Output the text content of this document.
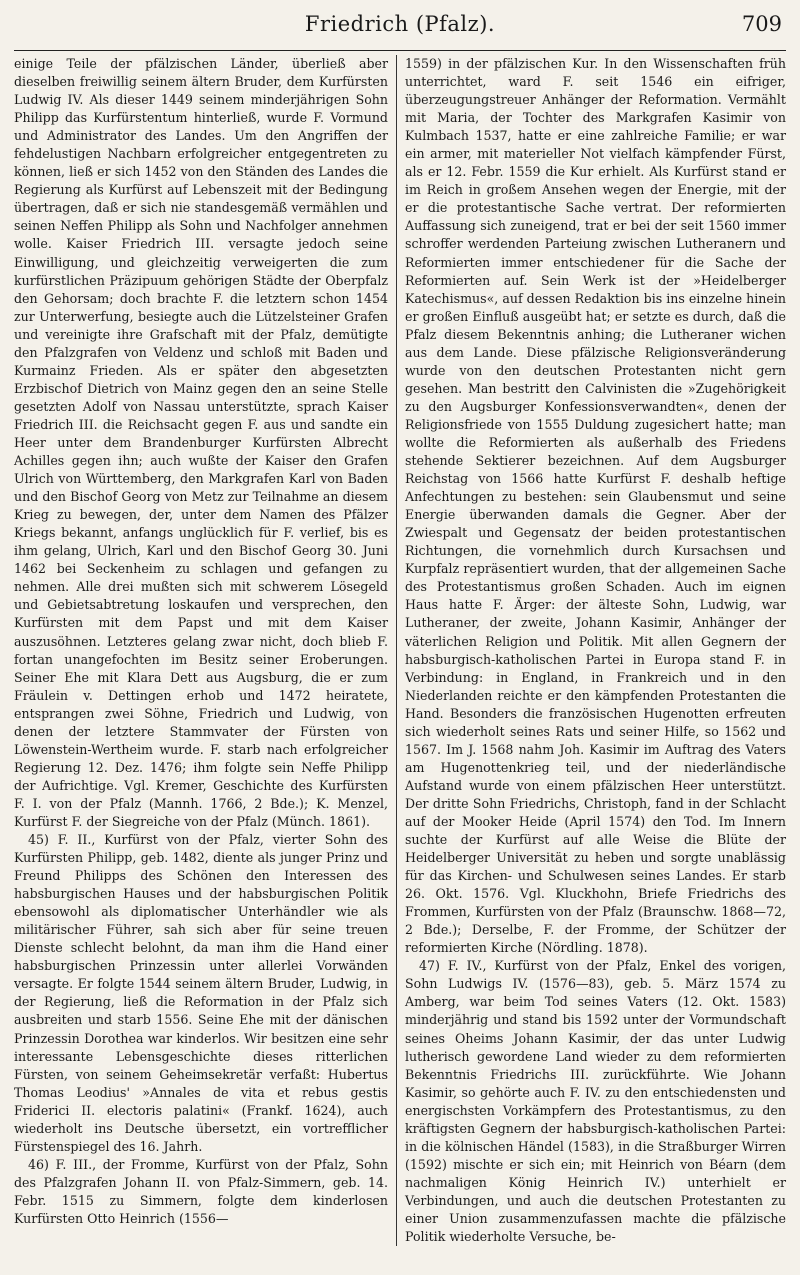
Friedrich (Pfalz).	709

einige Teile der pfälzischen Länder, überließ aber dieselben freiwillig seinem ältern Bruder, dem Kurfürsten Ludwig IV. Als dieser 1449 seinem minderjährigen Sohn Philipp das Kurfürstentum hinterließ, wurde F. Vormund und Administrator des Landes. Um den Angriffen der fehdelustigen Nachbarn erfolgreicher entgegentreten zu können, ließ er sich 1452 von den Ständen des Landes die Regierung als Kurfürst auf Lebenszeit mit der Bedingung übertragen, daß er sich nie standesgemäß vermählen und seinen Neffen Philipp als Sohn und Nachfolger annehmen wolle. Kaiser Friedrich III. versagte jedoch seine Einwilligung, und gleichzeitig verweigerten die zum kurfürstlichen Präzipuum gehörigen Städte der Oberpfalz den Gehorsam; doch brachte F. die letztern schon 1454 zur Unterwerfung, besiegte auch die Lützelsteiner Grafen und vereinigte ihre Grafschaft mit der Pfalz, demütigte den Pfalzgrafen von Veldenz und schloß mit Baden und Kurmainz Frieden. Als er später den abgesetzten Erzbischof Dietrich von Mainz gegen den an seine Stelle gesetzten Adolf von Nassau unterstützte, sprach Kaiser Friedrich III. die Reichsacht gegen F. aus und sandte ein Heer unter dem Brandenburger Kurfürsten Albrecht Achilles gegen ihn; auch wußte der Kaiser den Grafen Ulrich von Württemberg, den Markgrafen Karl von Baden und den Bischof Georg von Metz zur Teilnahme an diesem Krieg zu bewegen, der, unter dem Namen des Pfälzer Kriegs bekannt, anfangs unglücklich für F. verlief, bis es ihm gelang, Ulrich, Karl und den Bischof Georg 30. Juni 1462 bei Seckenheim zu schlagen und gefangen zu nehmen. Alle drei mußten sich mit schwerem Lösegeld und Gebietsabtretung loskaufen und versprechen, den Kurfürsten mit dem Papst und mit dem Kaiser auszusöhnen. Letzteres gelang zwar nicht, doch blieb F. fortan unangefochten im Besitz seiner Eroberungen. Seiner Ehe mit Klara Dett aus Augsburg, die er zum Fräulein v. Dettingen erhob und 1472 heiratete, entsprangen zwei Söhne, Friedrich und Ludwig, von denen der letztere Stammvater der Fürsten von Löwenstein-Wertheim wurde. F. starb nach erfolgreicher Regierung 12. Dez. 1476; ihm folgte sein Neffe Philipp der Aufrichtige. Vgl. Kremer, Geschichte des Kurfürsten F. I. von der Pfalz (Mannh. 1766, 2 Bde.); K. Menzel, Kurfürst F. der Siegreiche von der Pfalz (Münch. 1861).

45) F. II., Kurfürst von der Pfalz, vierter Sohn des Kurfürsten Philipp, geb. 1482, diente als junger Prinz und Freund Philipps des Schönen den Interessen des habsburgischen Hauses und der habsburgischen Politik ebensowohl als diplomatischer Unterhändler wie als militärischer Führer, sah sich aber für seine treuen Dienste schlecht belohnt, da man ihm die Hand einer habsburgischen Prinzessin unter allerlei Vorwänden versagte. Er folgte 1544 seinem ältern Bruder, Ludwig, in der Regierung, ließ die Reformation in der Pfalz sich ausbreiten und starb 1556. Seine Ehe mit der dänischen Prinzessin Dorothea war kinderlos. Wir besitzen eine sehr interessante Lebensgeschichte dieses ritterlichen Fürsten, von seinem Geheimsekretär verfaßt: Hubertus Thomas Leodius' »Annales de vita et rebus gestis Friderici II. electoris palatini« (Frankf. 1624), auch wiederholt ins Deutsche übersetzt, ein vortrefflicher Fürstenspiegel des 16. Jahrh.

46) F. III., der Fromme, Kurfürst von der Pfalz, Sohn des Pfalzgrafen Johann II. von Pfalz-Simmern, geb. 14. Febr. 1515 zu Simmern, folgte dem kinderlosen Kurfürsten Otto Heinrich (1556—

1559) in der pfälzischen Kur. In den Wissenschaften früh unterrichtet, ward F. seit 1546 ein eifriger, überzeugungstreuer Anhänger der Reformation. Vermählt mit Maria, der Tochter des Markgrafen Kasimir von Kulmbach 1537, hatte er eine zahlreiche Familie; er war ein armer, mit materieller Not vielfach kämpfender Fürst, als er 12. Febr. 1559 die Kur erhielt. Als Kurfürst stand er im Reich in großem Ansehen wegen der Energie, mit der er die protestantische Sache vertrat. Der reformierten Auffassung sich zuneigend, trat er bei der seit 1560 immer schroffer werdenden Parteiung zwischen Lutheranern und Reformierten immer entschiedener für die Sache der Reformierten auf. Sein Werk ist der »Heidelberger Katechismus«, auf dessen Redaktion bis ins einzelne hinein er großen Einfluß ausgeübt hat; er setzte es durch, daß die Pfalz diesem Bekenntnis anhing; die Lutheraner wichen aus dem Lande. Diese pfälzische Religionsveränderung wurde von den deutschen Protestanten nicht gern gesehen. Man bestritt den Calvinisten die »Zugehörigkeit zu den Augsburger Konfessionsverwandten«, denen der Religionsfriede von 1555 Duldung zugesichert hatte; man wollte die Reformierten als außerhalb des Friedens stehende Sektierer bezeichnen. Auf dem Augsburger Reichstag von 1566 hatte Kurfürst F. deshalb heftige Anfechtungen zu bestehen: sein Glaubensmut und seine Energie überwanden damals die Gegner. Aber der Zwiespalt und Gegensatz der beiden protestantischen Richtungen, die vornehmlich durch Kursachsen und Kurpfalz repräsentiert wurden, that der allgemeinen Sache des Protestantismus großen Schaden. Auch im eignen Haus hatte F. Ärger: der älteste Sohn, Ludwig, war Lutheraner, der zweite, Johann Kasimir, Anhänger der väterlichen Religion und Politik. Mit allen Gegnern der habsburgisch-katholischen Partei in Europa stand F. in Verbindung: in England, in Frankreich und in den Niederlanden reichte er den kämpfenden Protestanten die Hand. Besonders die französischen Hugenotten erfreuten sich wiederholt seines Rats und seiner Hilfe, so 1562 und 1567. Im J. 1568 nahm Joh. Kasimir im Auftrag des Vaters am Hugenottenkrieg teil, und der niederländische Aufstand wurde von einem pfälzischen Heer unterstützt. Der dritte Sohn Friedrichs, Christoph, fand in der Schlacht auf der Mooker Heide (April 1574) den Tod. Im Innern suchte der Kurfürst auf alle Weise die Blüte der Heidelberger Universität zu heben und sorgte unablässig für das Kirchen- und Schulwesen seines Landes. Er starb 26. Okt. 1576. Vgl. Kluckhohn, Briefe Friedrichs des Frommen, Kurfürsten von der Pfalz (Braunschw. 1868—72, 2 Bde.); Derselbe, F. der Fromme, der Schützer der reformierten Kirche (Nördling. 1878).

47) F. IV., Kurfürst von der Pfalz, Enkel des vorigen, Sohn Ludwigs IV. (1576—83), geb. 5. März 1574 zu Amberg, war beim Tod seines Vaters (12. Okt. 1583) minderjährig und stand bis 1592 unter der Vormundschaft seines Oheims Johann Kasimir, der das unter Ludwig lutherisch gewordene Land wieder zu dem reformierten Bekenntnis Friedrichs III. zurückführte. Wie Johann Kasimir, so gehörte auch F. IV. zu den entschiedensten und energischsten Vorkämpfern des Protestantismus, zu den kräftigsten Gegnern der habsburgisch-katholischen Partei: in die kölnischen Händel (1583), in die Straßburger Wirren (1592) mischte er sich ein; mit Heinrich von Béarn (dem nachmaligen König Heinrich IV.) unterhielt er Verbindungen, und auch die deutschen Protestanten zu einer Union zusammenzufassen machte die pfälzische Politik wiederholte Versuche, be-
